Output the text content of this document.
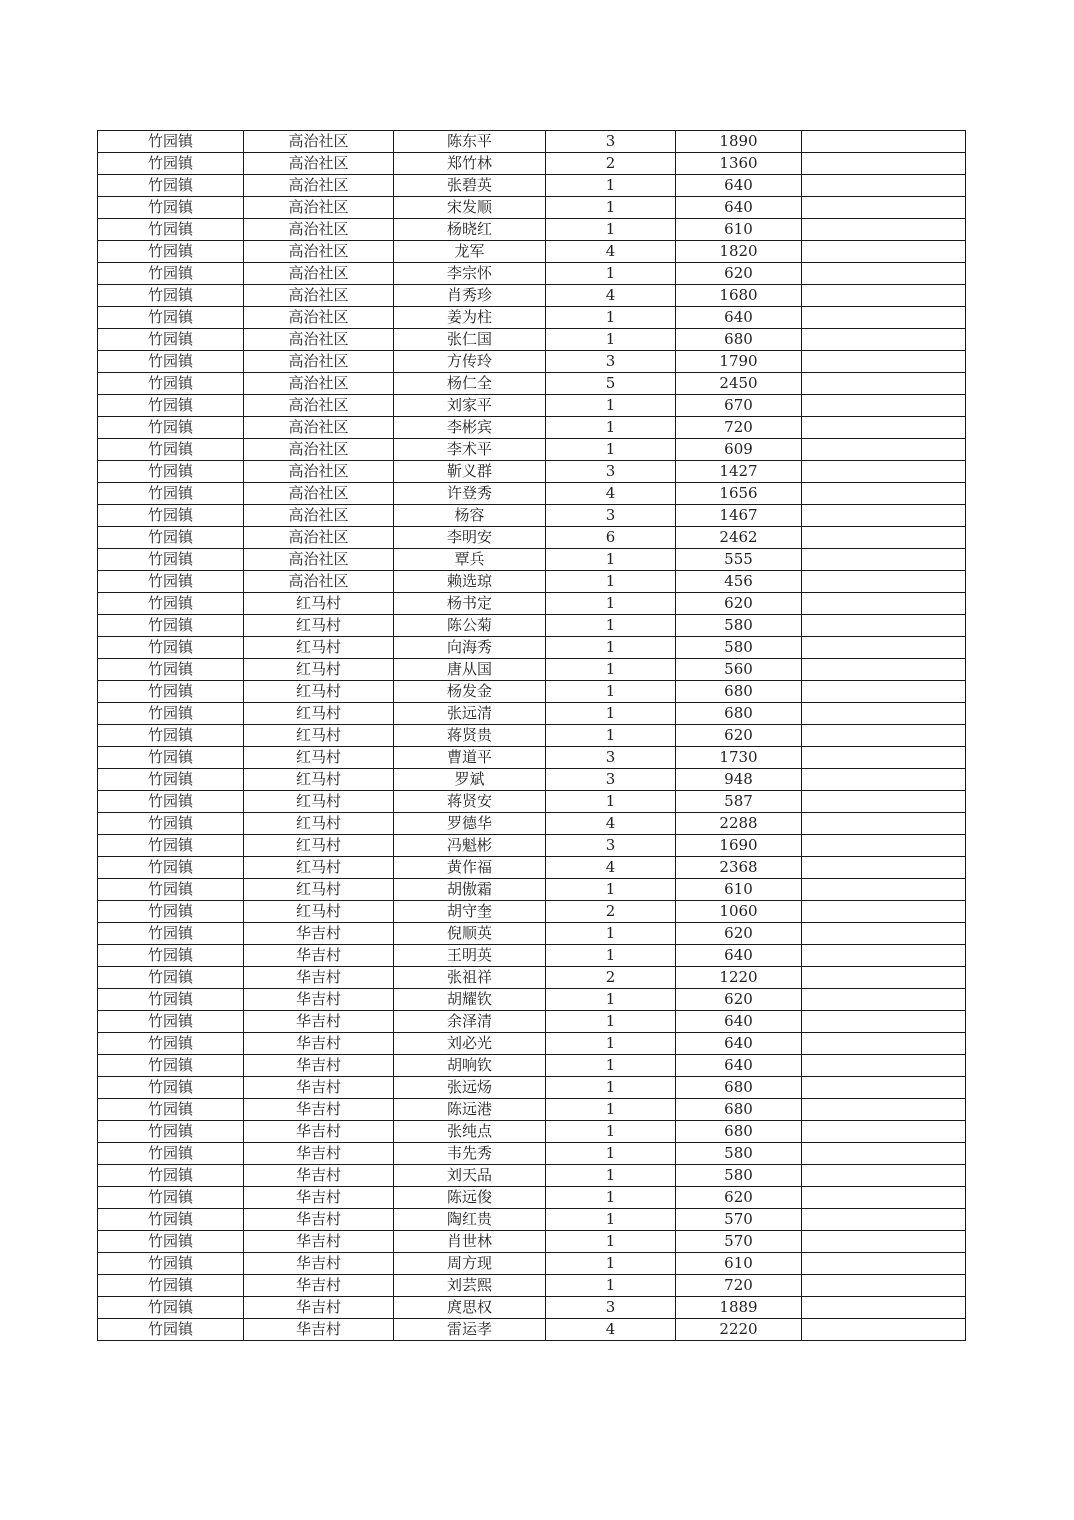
竹园镇	高治社区	陈东平	3	1890	
竹园镇	高治社区	郑竹林	2	1360	
竹园镇	高治社区	张碧英	1	640	
竹园镇	高治社区	宋发顺	1	640	
竹园镇	高治社区	杨晓红	1	610	
竹园镇	高治社区	龙军	4	1820	
竹园镇	高治社区	李宗怀	1	620	
竹园镇	高治社区	肖秀珍	4	1680	
竹园镇	高治社区	姜为柱	1	640	
竹园镇	高治社区	张仁国	1	680	
竹园镇	高治社区	方传玲	3	1790	
竹园镇	高治社区	杨仁全	5	2450	
竹园镇	高治社区	刘家平	1	670	
竹园镇	高治社区	李彬宾	1	720	
竹园镇	高治社区	李术平	1	609	
竹园镇	高治社区	靳义群	3	1427	
竹园镇	高治社区	许登秀	4	1656	
竹园镇	高治社区	杨容	3	1467	
竹园镇	高治社区	李明安	6	2462	
竹园镇	高治社区	覃兵	1	555	
竹园镇	高治社区	赖选琼	1	456	
竹园镇	红马村	杨书定	1	620	
竹园镇	红马村	陈公菊	1	580	
竹园镇	红马村	向海秀	1	580	
竹园镇	红马村	唐从国	1	560	
竹园镇	红马村	杨发金	1	680	
竹园镇	红马村	张远清	1	680	
竹园镇	红马村	蒋贤贵	1	620	
竹园镇	红马村	曹道平	3	1730	
竹园镇	红马村	罗斌	3	948	
竹园镇	红马村	蒋贤安	1	587	
竹园镇	红马村	罗德华	4	2288	
竹园镇	红马村	冯魁彬	3	1690	
竹园镇	红马村	黄作福	4	2368	
竹园镇	红马村	胡傲霜	1	610	
竹园镇	红马村	胡守奎	2	1060	
竹园镇	华吉村	倪顺英	1	620	
竹园镇	华吉村	王明英	1	640	
竹园镇	华吉村	张祖祥	2	1220	
竹园镇	华吉村	胡耀钦	1	620	
竹园镇	华吉村	余泽清	1	640	
竹园镇	华吉村	刘必光	1	640	
竹园镇	华吉村	胡响钦	1	640	
竹园镇	华吉村	张远炀	1	680	
竹园镇	华吉村	陈远港	1	680	
竹园镇	华吉村	张纯点	1	680	
竹园镇	华吉村	韦先秀	1	580	
竹园镇	华吉村	刘天品	1	580	
竹园镇	华吉村	陈远俊	1	620	
竹园镇	华吉村	陶红贵	1	570	
竹园镇	华吉村	肖世林	1	570	
竹园镇	华吉村	周方现	1	610	
竹园镇	华吉村	刘芸熙	1	720	
竹园镇	华吉村	庹思权	3	1889	
竹园镇	华吉村	雷运孝	4	2220	
